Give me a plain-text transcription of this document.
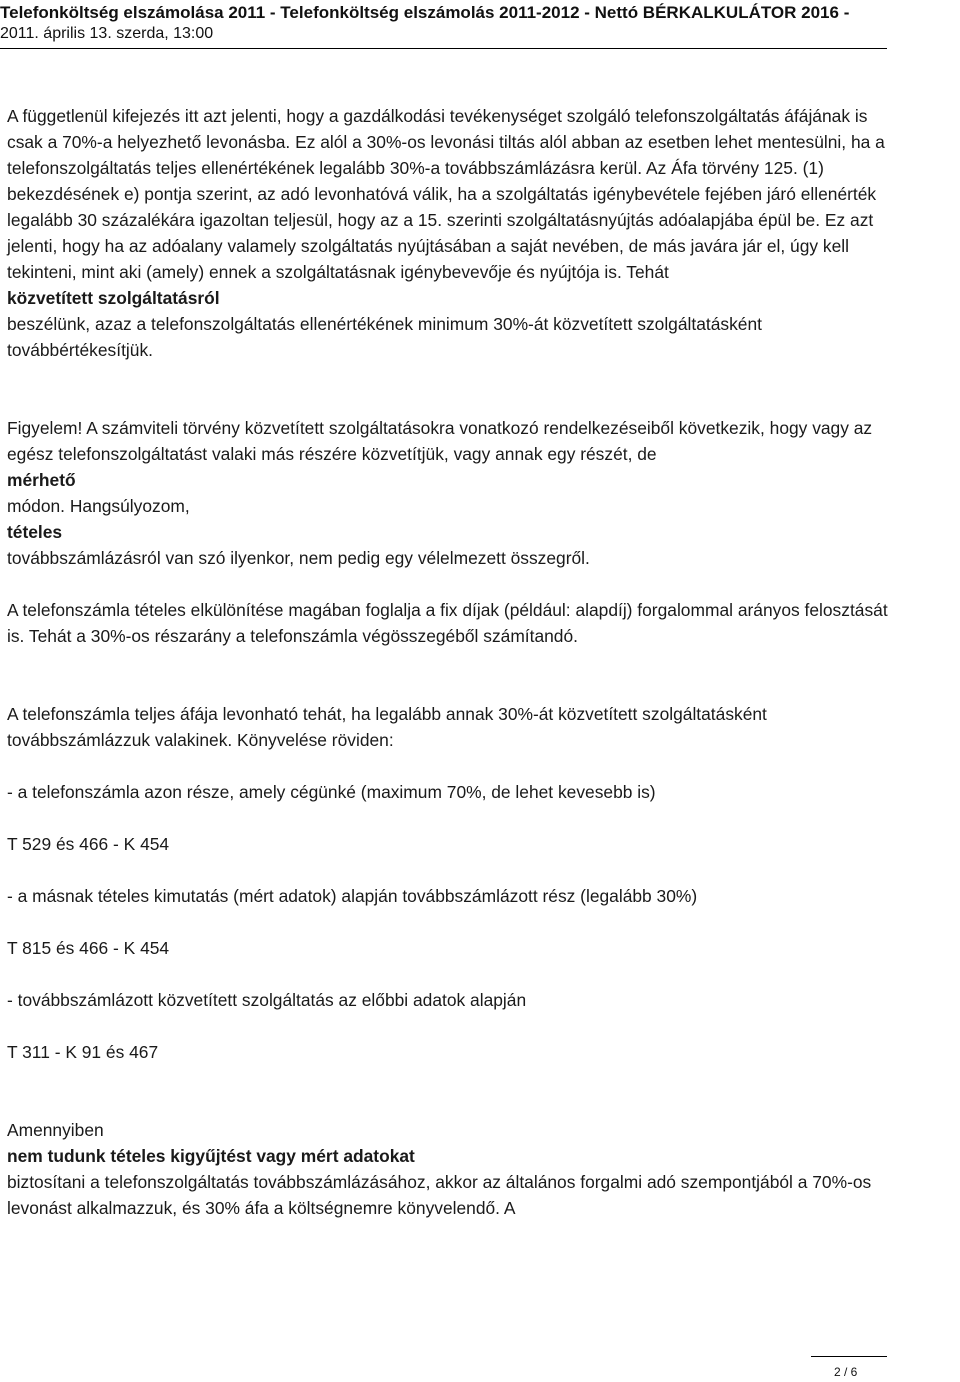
Telefonköltség elszámolása 2011 - Telefonköltség elszámolás 2011-2012 - Nettó BÉRKALKULÁTOR 2016 -
2011. április 13. szerda, 13:00

A függetlenül kifejezés itt azt jelenti, hogy a gazdálkodási tevékenységet szolgáló telefonszolgáltatás áfájának is csak a 70%-a helyezhető levonásba. Ez alól a 30%-os levonási tiltás alól abban az esetben lehet mentesülni, ha a telefonszolgáltatás teljes ellenértékének legalább 30%-a továbbszámlázásra kerül. Az Áfa törvény 125. (1) bekezdésének e) pontja szerint, az adó levonhatóvá válik, ha a szolgáltatás igénybevétele fejében járó ellenérték legalább 30 százalékára igazoltan teljesül, hogy az a 15. szerinti szolgáltatásnyújtás adóalapjába épül be. Ez azt jelenti, hogy ha az adóalany valamely szolgáltatás nyújtásában a saját nevében, de más javára jár el, úgy kell tekinteni, mint aki (amely) ennek a szolgáltatásnak igénybevevője és nyújtója is. Tehát
közvetített szolgáltatásról
beszélünk, azaz a telefonszolgáltatás ellenértékének minimum 30%-át közvetített szolgáltatásként továbbértékesítjük.

Figyelem! A számviteli törvény közvetített szolgáltatásokra vonatkozó rendelkezéseiből következik, hogy vagy az egész telefonszolgáltatást valaki más részére közvetítjük, vagy annak egy részét, de
mérhető
módon. Hangsúlyozom,
tételes
továbbszámlázásról van szó ilyenkor, nem pedig egy vélelmezett összegről.

A telefonszámla tételes elkülönítése magában foglalja a fix díjak (például: alapdíj) forgalommal arányos felosztását is. Tehát a 30%-os részarány a telefonszámla végösszegéből számítandó.

A telefonszámla teljes áfája levonható tehát, ha legalább annak 30%-át közvetített szolgáltatásként továbbszámlázzuk valakinek. Könyvelése röviden:

- a telefonszámla azon része, amely cégünké (maximum 70%, de lehet kevesebb is)

T 529 és 466 - K 454

- a másnak tételes kimutatás (mért adatok) alapján továbbszámlázott rész (legalább 30%)

T 815 és 466 - K 454

- továbbszámlázott közvetített szolgáltatás az előbbi adatok alapján

T 311 - K 91 és 467

Amennyiben
nem tudunk tételes kigyűjtést vagy mért adatokat
biztosítani a telefonszolgáltatás továbbszámlázásához, akkor az általános forgalmi adó szempontjából a 70%-os levonást alkalmazzuk, és 30% áfa a költségnemre könyvelendő. A

2 / 6
